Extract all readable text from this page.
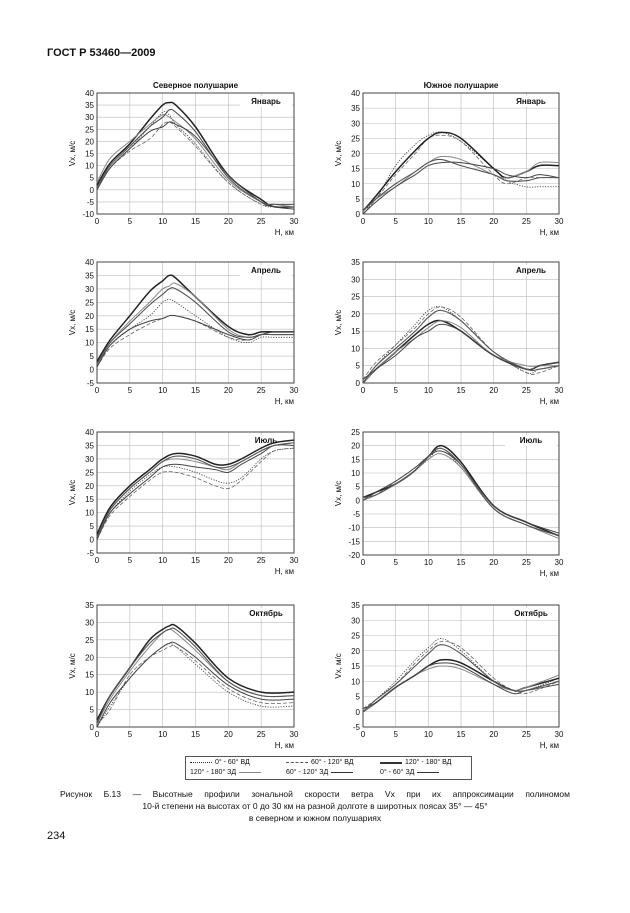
ГОСТ Р 53460—2009
0	5	10	15	20	25	30
-10
-5
0
5
10
15
20
25
30
35
40
H, км
Vx, м/с
Северное полушарие
Январь
0	5	10	15	20	25	30
0
5
10
15
20
25
30
35
40
H, км
Vx, м/с
Южное полушарие
Январь
0	5	10	15	20	25	30
-5
0
5
10
15
20
25
30
35
40
H, км
Vx, м/с
Апрель
0	5	10	15	20	25	30
0
5
10
15
20
25
30
35
H, км
Vx, м/с
Апрель
0	5	10	15	20	25	30
-5
0
5
10
15
20
25
30
35
40
H, км
Vx, м/с
Июль
0	5	10	15	20	25	30
-20
-15
-10
-5
0
5
10
15
20
25
H, км
Vx, м/с
Июль
0	5	10	15	20	25	30
0
5
10
15
20
25
30
35
H, км
Vx, м/с
Октябрь
0	5	10	15	20	25	30
-5
0
5
10
15
20
25
30
35
H, км
Vx, м/с
Октябрь
0° - 60° ВД	60° - 120° ВД	120° - 180° ВД
120° - 180° ЗД	60° - 120° ЗД	0° - 60° ЗД
Рисунок Б.13 — Высотные профили зональной скорости ветра Vx при их аппроксимации полиномом
10-й степени на высотах от 0 до 30 км на разной долготе в широтных поясах 35° — 45°
в северном и южном полушариях
234
